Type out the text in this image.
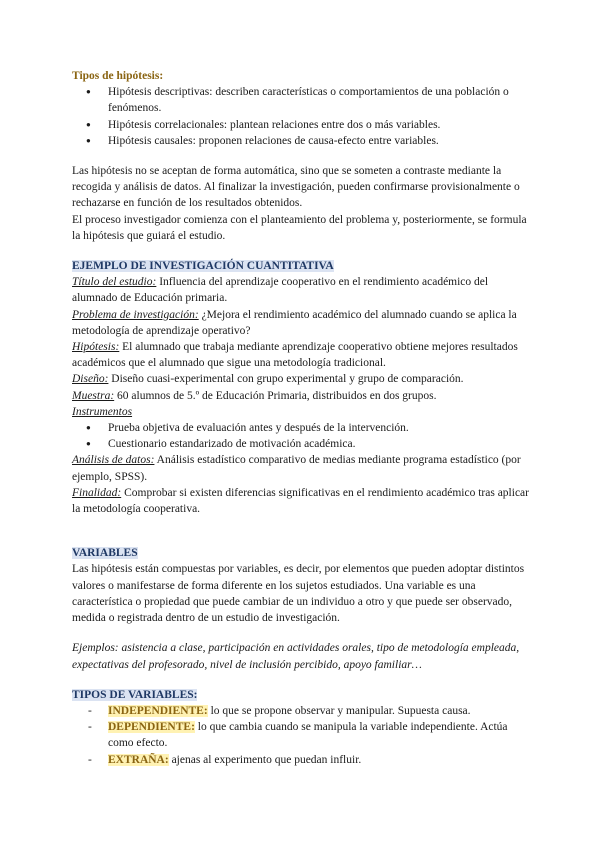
Tipos de hipótesis:

● Hipótesis descriptivas: describen características o comportamientos de una población o fenómenos.
● Hipótesis correlacionales: plantean relaciones entre dos o más variables.
● Hipótesis causales: proponen relaciones de causa-efecto entre variables.

Las hipótesis no se aceptan de forma automática, sino que se someten a contraste mediante la recogida y análisis de datos. Al finalizar la investigación, pueden confirmarse provisionalmente o rechazarse en función de los resultados obtenidos.

El proceso investigador comienza con el planteamiento del problema y, posteriormente, se formula la hipótesis que guiará el estudio.

EJEMPLO DE INVESTIGACIÓN CUANTITATIVA

Título del estudio: Influencia del aprendizaje cooperativo en el rendimiento académico del alumnado de Educación primaria.

Problema de investigación: ¿Mejora el rendimiento académico del alumnado cuando se aplica la metodología de aprendizaje operativo?

Hipótesis: El alumnado que trabaja mediante aprendizaje cooperativo obtiene mejores resultados académicos que el alumnado que sigue una metodología tradicional.

Diseño: Diseño cuasi-experimental con grupo experimental y grupo de comparación.

Muestra: 60 alumnos de 5.º de Educación Primaria, distribuidos en dos grupos.

Instrumentos

● Prueba objetiva de evaluación antes y después de la intervención.
● Cuestionario estandarizado de motivación académica.

Análisis de datos: Análisis estadístico comparativo de medias mediante programa estadístico (por ejemplo, SPSS).

Finalidad: Comprobar si existen diferencias significativas en el rendimiento académico tras aplicar la metodología cooperativa.

VARIABLES

Las hipótesis están compuestas por variables, es decir, por elementos que pueden adoptar distintos valores o manifestarse de forma diferente en los sujetos estudiados. Una variable es una característica o propiedad que puede cambiar de un individuo a otro y que puede ser observado, medida o registrada dentro de un estudio de investigación.

Ejemplos: asistencia a clase, participación en actividades orales, tipo de metodología empleada, expectativas del profesorado, nivel de inclusión percibido, apoyo familiar…

TIPOS DE VARIABLES:

- INDEPENDIENTE: lo que se propone observar y manipular. Supuesta causa.
- DEPENDIENTE: lo que cambia cuando se manipula la variable independiente. Actúa como efecto.
- EXTRAÑA: ajenas al experimento que puedan influir.
